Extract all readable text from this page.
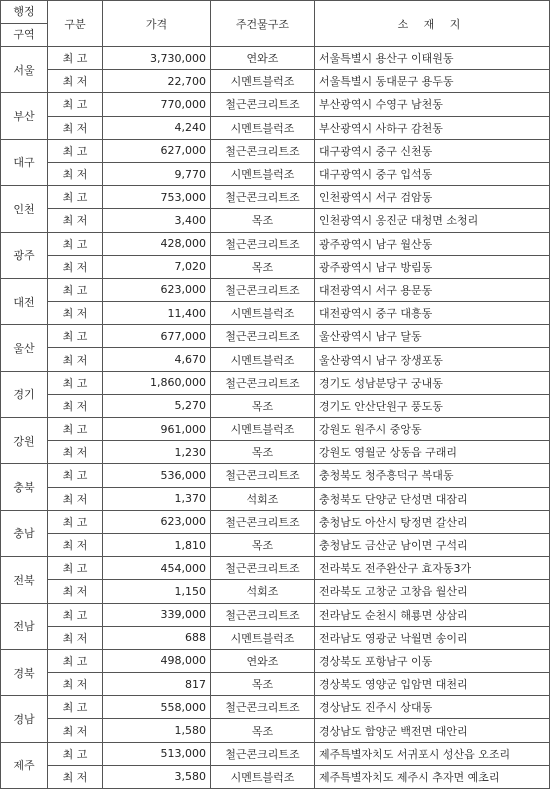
행정
구역	구분	가격	주건물구조	소 재 지
서울	최 고	3,730,000	연와조	서울특별시 용산구 이태원동
	최 저	22,700	시멘트블럭조	서울특별시 동대문구 용두동
부산	최 고	770,000	철근콘크리트조	부산광역시 수영구 남천동
	최 저	4,240	시멘트블럭조	부산광역시 사하구 감천동
대구	최 고	627,000	철근콘크리트조	대구광역시 중구 신천동
	최 저	9,770	시멘트블럭조	대구광역시 중구 입석동
인천	최 고	753,000	철근콘크리트조	인천광역시 서구 검암동
	최 저	3,400	목조	인천광역시 옹진군 대청면 소청리
광주	최 고	428,000	철근콘크리트조	광주광역시 남구 월산동
	최 저	7,020	목조	광주광역시 남구 방림동
대전	최 고	623,000	철근콘크리트조	대전광역시 서구 용문동
	최 저	11,400	시멘트블럭조	대전광역시 중구 대흥동
울산	최 고	677,000	철근콘크리트조	울산광역시 남구 달동
	최 저	4,670	시멘트블럭조	울산광역시 남구 장생포동
경기	최 고	1,860,000	철근콘크리트조	경기도 성남분당구 궁내동
	최 저	5,270	목조	경기도 안산단원구 풍도동
강원	최 고	961,000	시멘트블럭조	강원도 원주시 중앙동
	최 저	1,230	목조	강원도 영월군 상동읍 구래리
충북	최 고	536,000	철근콘크리트조	충청북도 청주흥덕구 복대동
	최 저	1,370	석회조	충청북도 단양군 단성면 대잠리
충남	최 고	623,000	철근콘크리트조	충청남도 아산시 탕정면 갈산리
	최 저	1,810	목조	충청남도 금산군 남이면 구석리
전북	최 고	454,000	철근콘크리트조	전라북도 전주완산구 효자동3가
	최 저	1,150	석회조	전라북도 고창군 고창읍 월산리
전남	최 고	339,000	철근콘크리트조	전라남도 순천시 해룡면 상삼리
	최 저	688	시멘트블럭조	전라남도 영광군 낙월면 송이리
경북	최 고	498,000	연와조	경상북도 포항남구 이동
	최 저	817	목조	경상북도 영양군 입암면 대천리
경남	최 고	558,000	철근콘크리트조	경상남도 진주시 상대동
	최 저	1,580	목조	경상남도 함양군 백전면 대안리
제주	최 고	513,000	철근콘크리트조	제주특별자치도 서귀포시 성산읍 오조리
	최 저	3,580	시멘트블럭조	제주특별자치도 제주시 추자면 예초리
